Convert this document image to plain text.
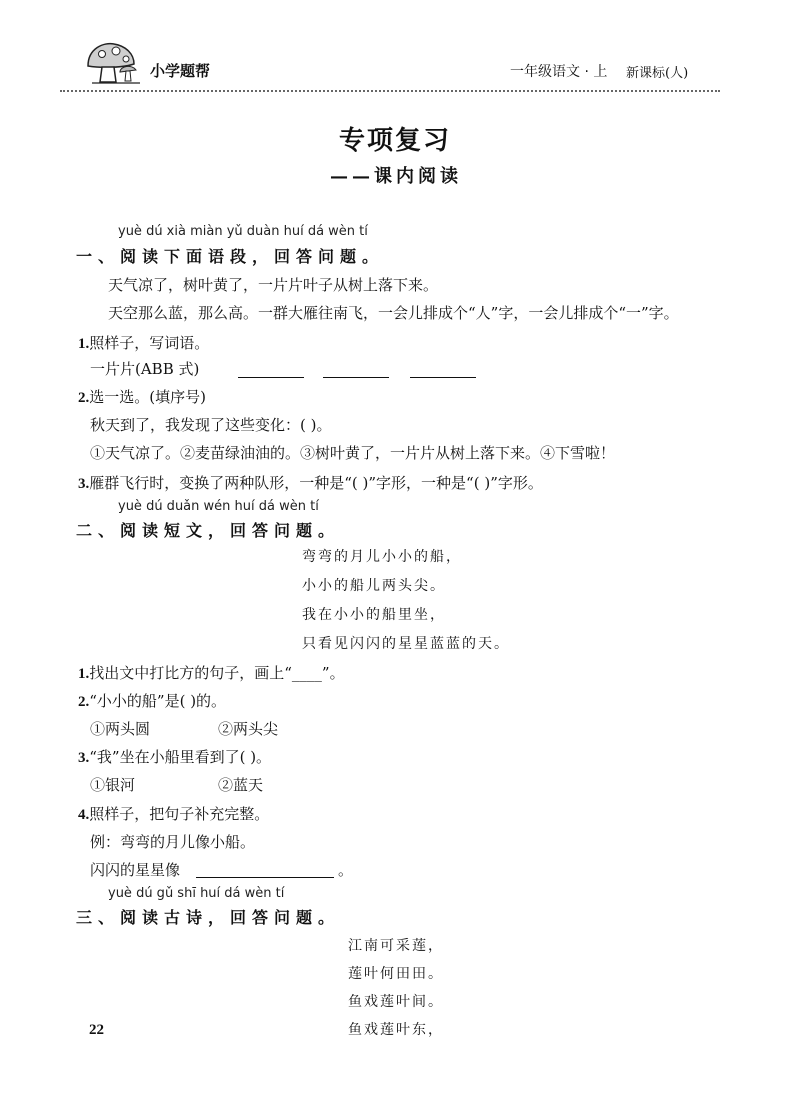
小学题帮	一年级语文 · 上 新课标(人)
专项复习
——课内阅读
yuè dú xià miàn yǔ duàn huí dá wèn tí
一、阅读下面语段，回答问题。
天气凉了，树叶黄了，一片片叶子从树上落下来。
天空那么蓝，那么高。一群大雁往南飞，一会儿排成个“人”字，一会儿排成个“一”字。
1.照样子，写词语。
一片片(ABB 式)
2.选一选。(填序号)
秋天到了，我发现了这些变化：( )。
①天气凉了。②麦苗绿油油的。③树叶黄了，一片片从树上落下来。④下雪啦！
3.雁群飞行时，变换了两种队形，一种是“( )”字形，一种是“( )”字形。
yuè dú duǎn wén huí dá wèn tí
二、阅读短文，回答问题。
弯弯的月儿小小的船，
小小的船儿两头尖。
我在小小的船里坐，
只看见闪闪的星星蓝蓝的天。
1.找出文中打比方的句子，画上“____”。
2.“小小的船”是( )的。
①两头圆	②两头尖
3.“我”坐在小船里看到了( )。
①银河	②蓝天
4.照样子，把句子补充完整。
例：弯弯的月儿像小船。
闪闪的星星像	。
yuè dú gǔ shī huí dá wèn tí
三、阅读古诗，回答问题。
江南可采莲，
莲叶何田田。
鱼戏莲叶间。
鱼戏莲叶东，
22
